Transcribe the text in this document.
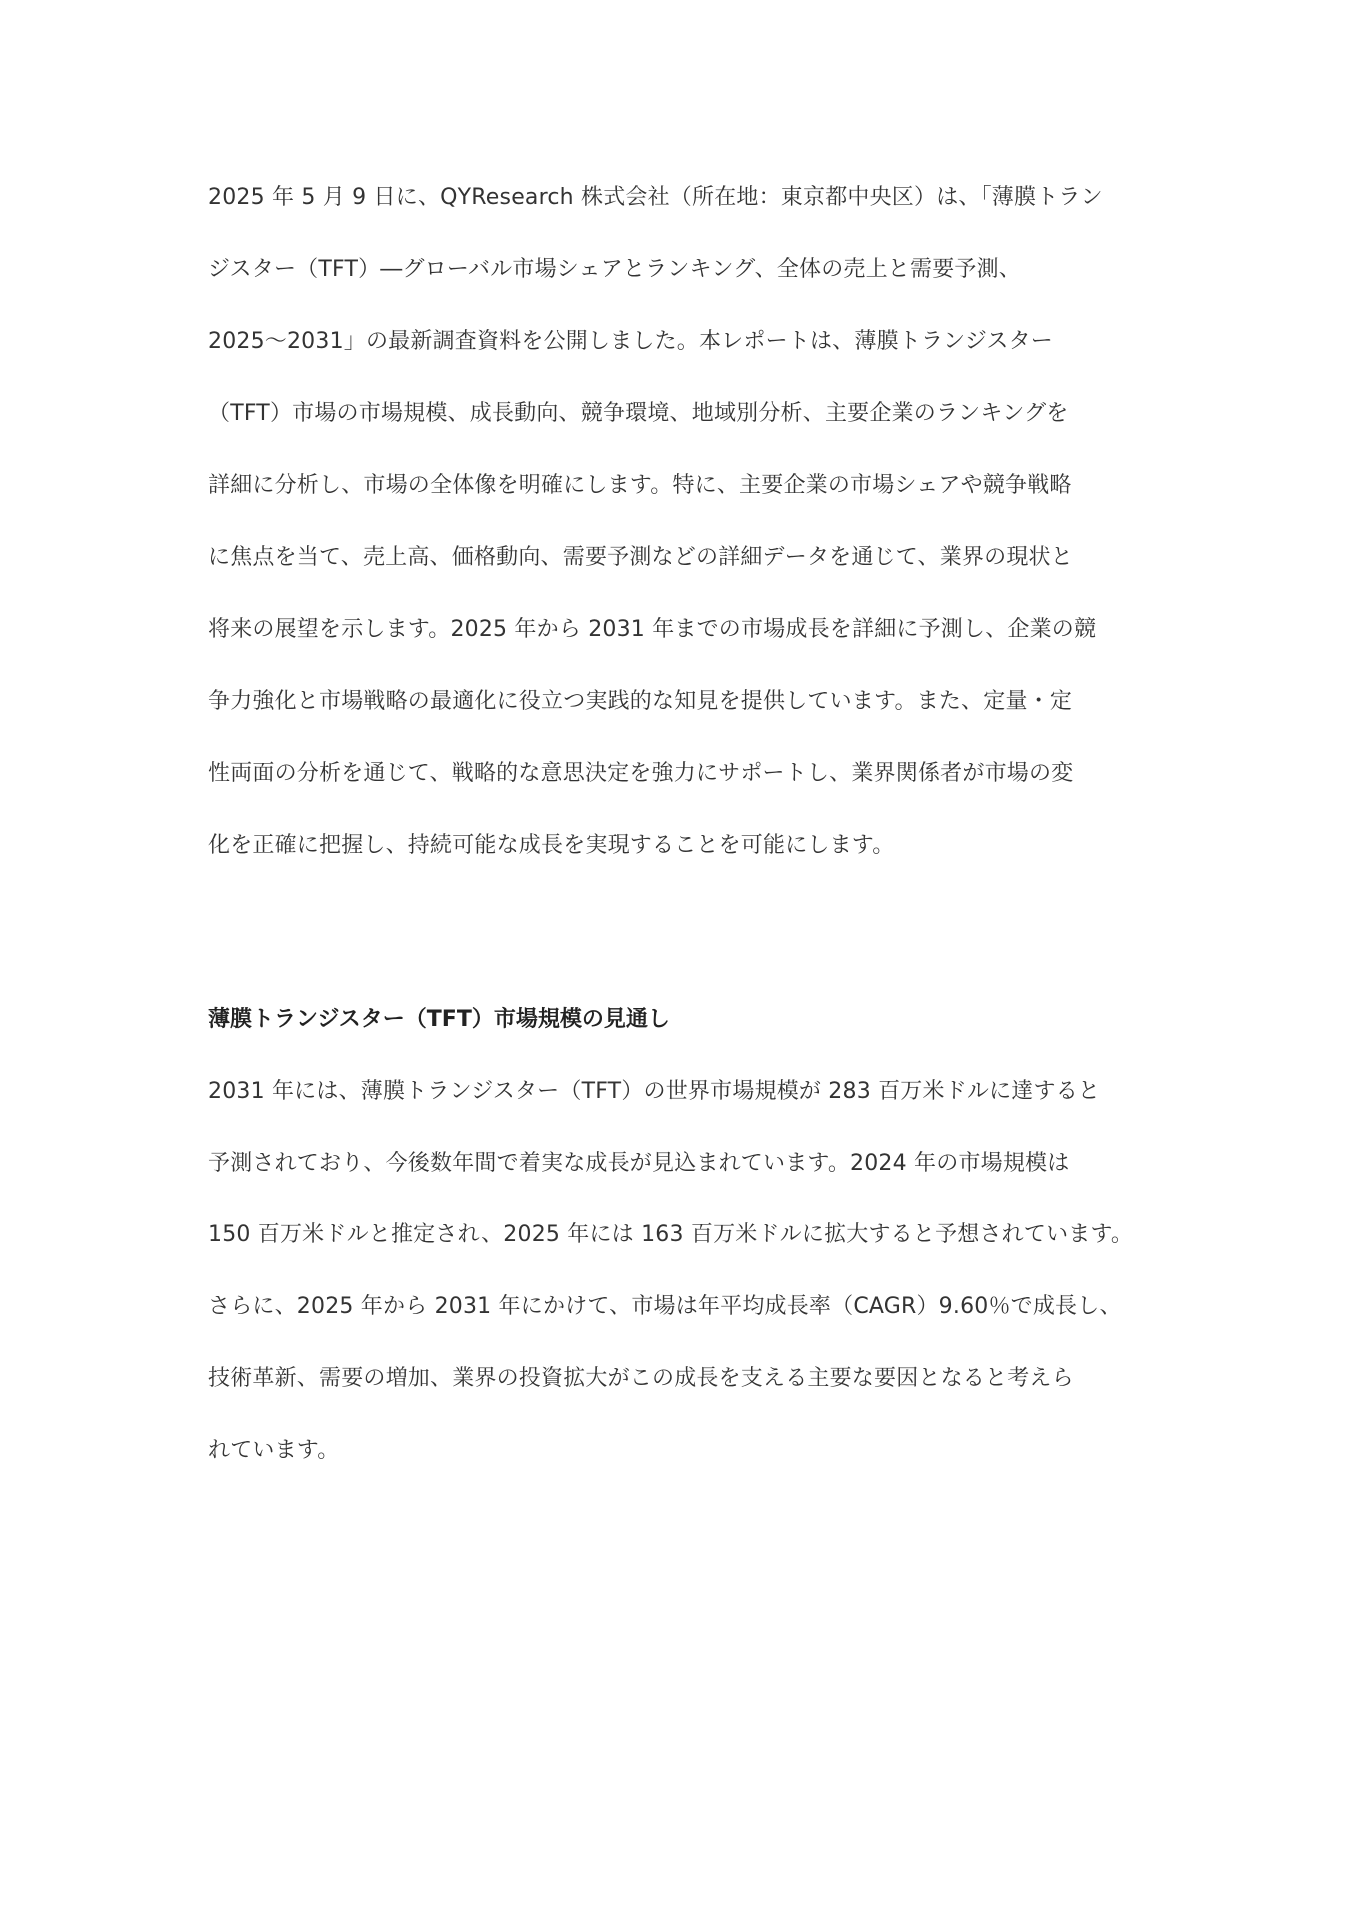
2025 年 5 月 9 日に、QYResearch 株式会社（所在地：東京都中央区）は、「薄膜トラン
ジスター（TFT）―グローバル市場シェアとランキング、全体の売上と需要予測、
2025～2031」の最新調査資料を公開しました。本レポートは、薄膜トランジスター
（TFT）市場の市場規模、成長動向、競争環境、地域別分析、主要企業のランキングを
詳細に分析し、市場の全体像を明確にします。特に、主要企業の市場シェアや競争戦略
に焦点を当て、売上高、価格動向、需要予測などの詳細データを通じて、業界の現状と
将来の展望を示します。2025 年から 2031 年までの市場成長を詳細に予測し、企業の競
争力強化と市場戦略の最適化に役立つ実践的な知見を提供しています。また、定量・定
性両面の分析を通じて、戦略的な意思決定を強力にサポートし、業界関係者が市場の変
化を正確に把握し、持続可能な成長を実現することを可能にします。
薄膜トランジスター（TFT）市場規模の見通し
2031 年には、薄膜トランジスター（TFT）の世界市場規模が 283 百万米ドルに達すると
予測されており、今後数年間で着実な成長が見込まれています。2024 年の市場規模は
150 百万米ドルと推定され、2025 年には 163 百万米ドルに拡大すると予想されています。
さらに、2025 年から 2031 年にかけて、市場は年平均成長率（CAGR）9.60％で成長し、
技術革新、需要の増加、業界の投資拡大がこの成長を支える主要な要因となると考えら
れています。
